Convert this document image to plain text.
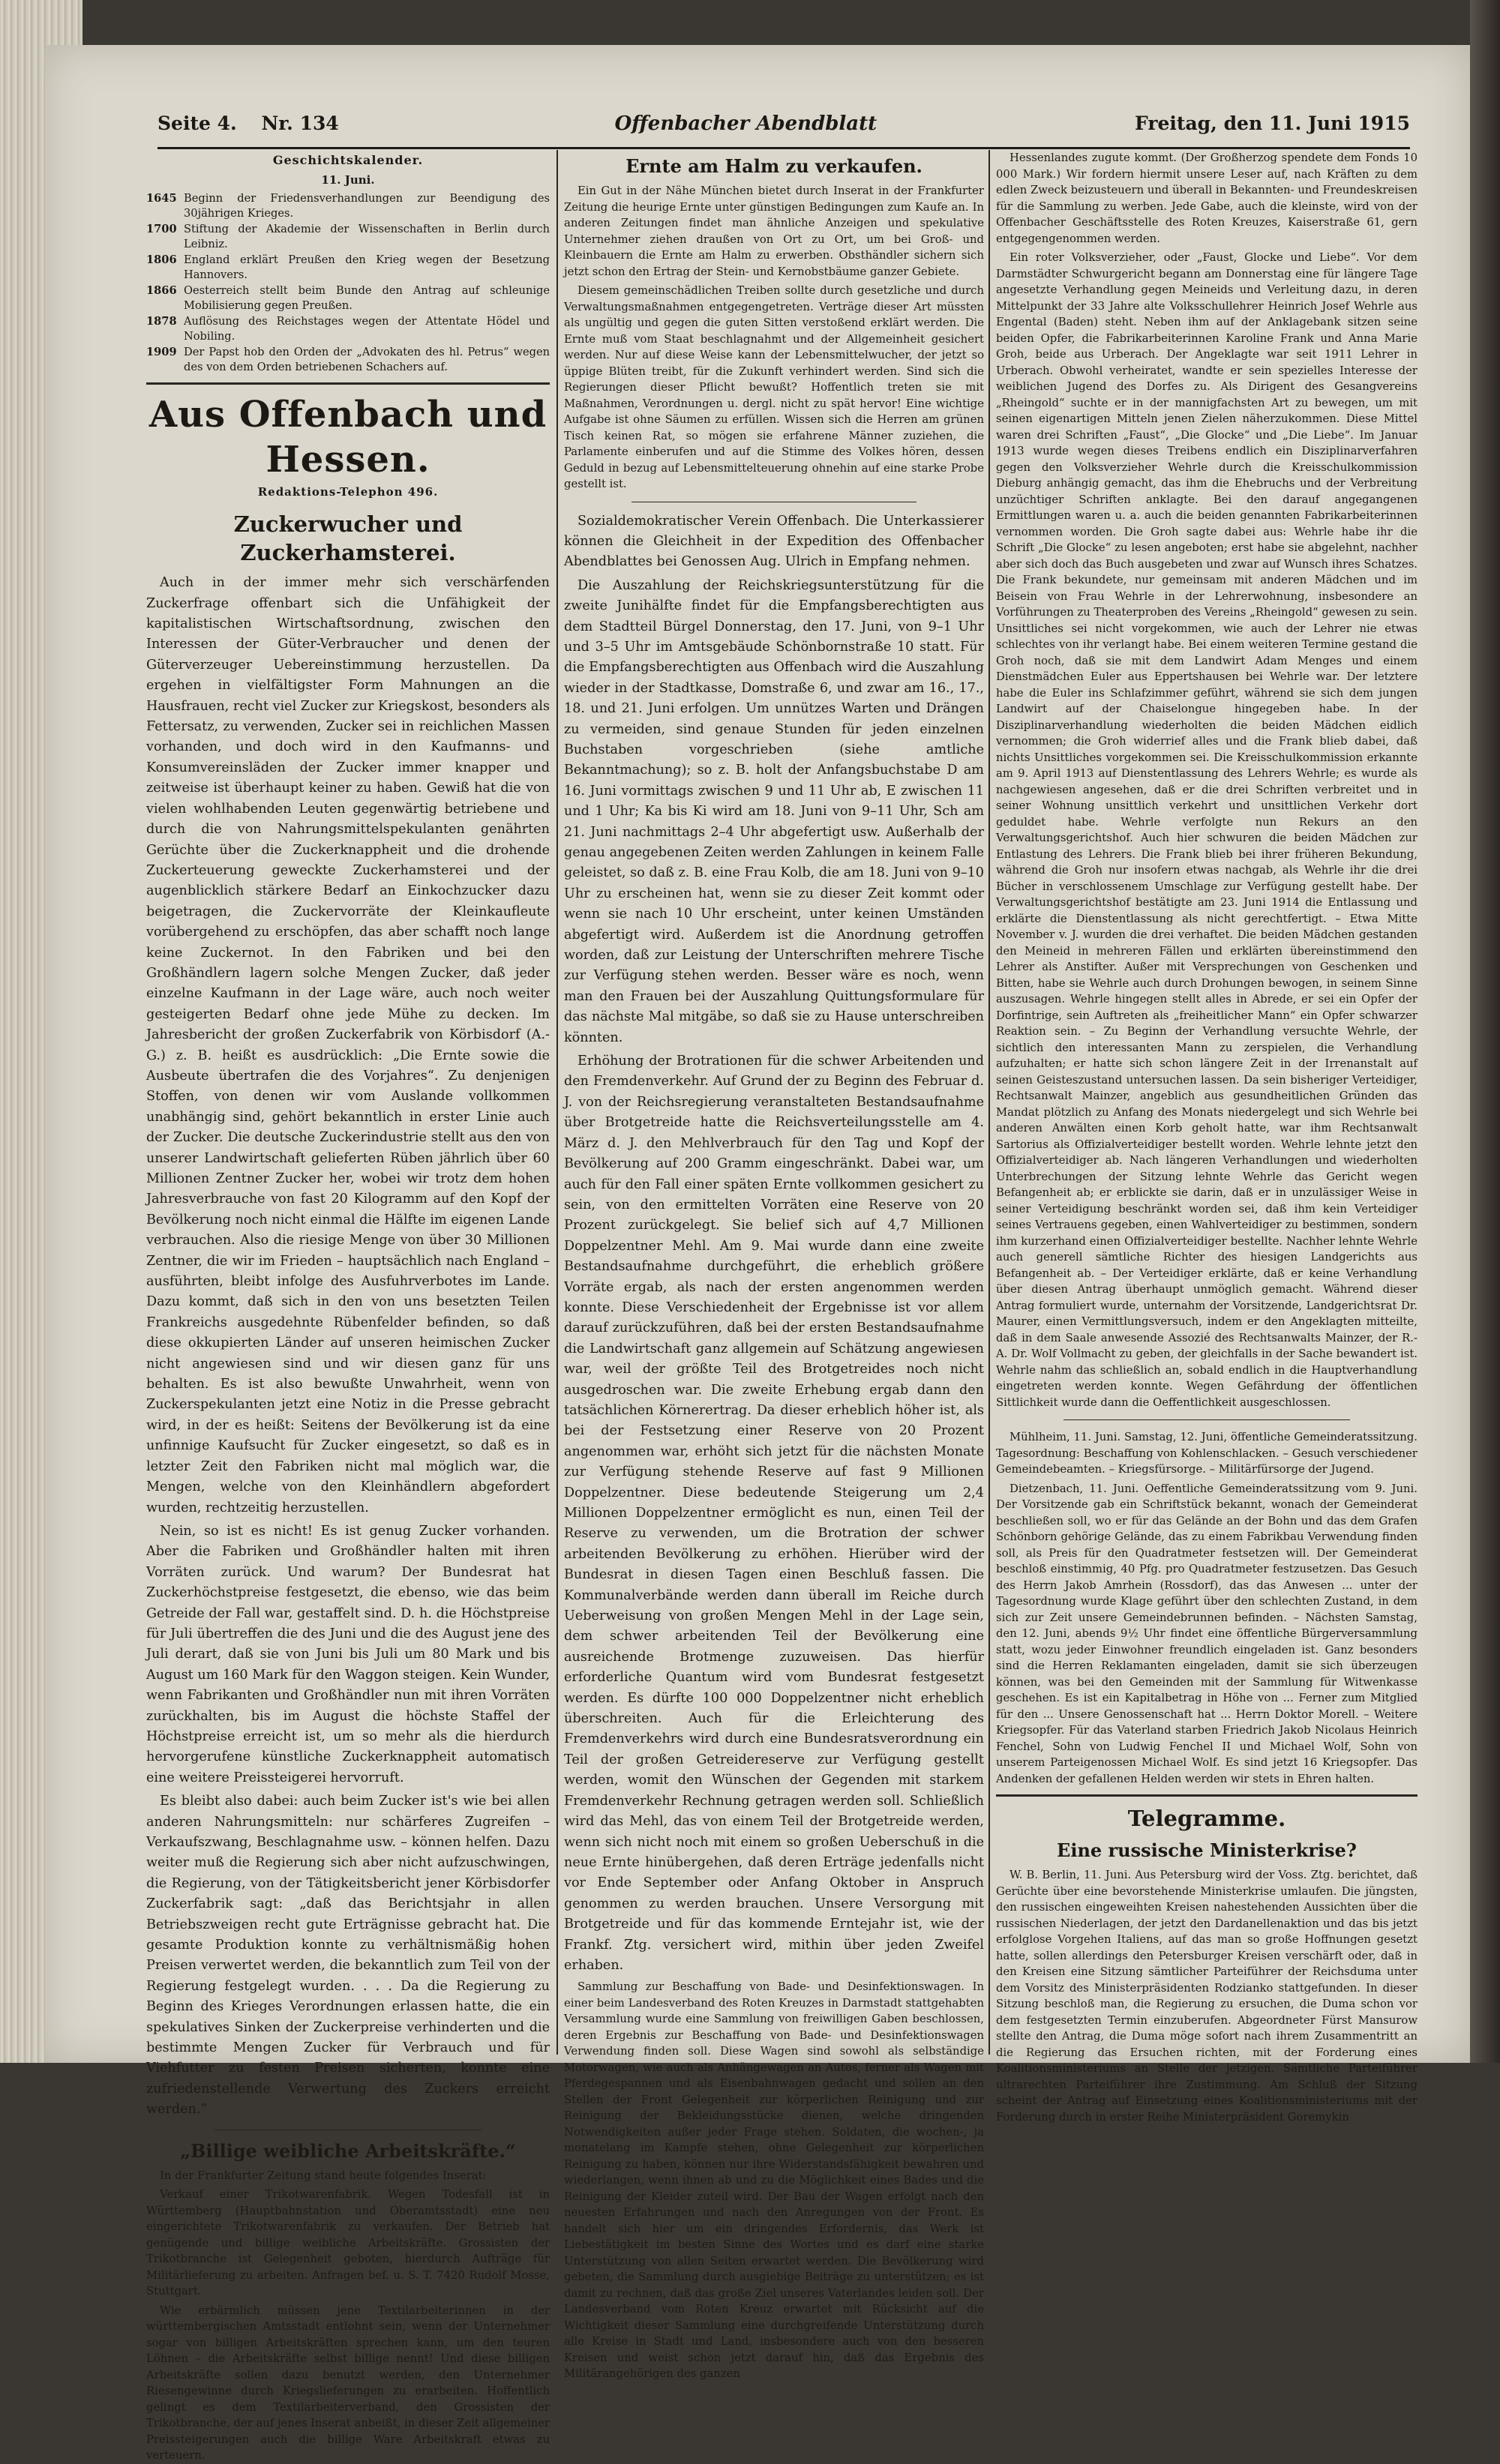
Seite 4. Nr. 134	Offenbacher Abendblatt	Freitag, den 11. Juni 1915
Geschichtskalender.
11. Juni.
1645 Beginn der Friedensverhandlungen zur Beendigung des 30jährigen Krieges.
1700 Stiftung der Akademie der Wissenschaften in Berlin durch Leibniz.
1806 England erklärt Preußen den Krieg wegen der Besetzung Hannovers.
1866 Oesterreich stellt beim Bunde den Antrag auf schleunige Mobilisierung gegen Preußen.
1878 Auflösung des Reichstages wegen der Attentate Hödel und Nobiling.
1909 Der Papst hob den Orden der „Advokaten des hl. Petrus“ wegen des von dem Orden betriebenen Schachers auf.
Aus Offenbach und Hessen.
Redaktions-Telephon 496.
Zuckerwucher und Zuckerhamsterei.

Auch in der immer mehr sich verschärfenden Zuckerfrage offenbart sich die Unfähigkeit der kapitalistischen Wirtschaftsordnung, zwischen den Interessen der Güter-Verbraucher und denen der Güterverzeuger Uebereinstimmung herzustellen. Da ergehen in vielfältigster Form Mahnungen an die Hausfrauen, recht viel Zucker zur Kriegskost, besonders als Fettersatz, zu verwenden, Zucker sei in reichlichen Massen vorhanden, und doch wird in den Kaufmanns- und Konsumvereinsläden der Zucker immer knapper und zeitweise ist überhaupt keiner zu haben. Gewiß hat die von vielen wohlhabenden Leuten gegenwärtig betriebene und durch die von Nahrungsmittelspekulanten genährten Gerüchte über die Zuckerknappheit und die drohende Zuckerteuerung geweckte Zuckerhamsterei und der augenblicklich stärkere Bedarf an Einkochzucker dazu beigetragen, die Zuckervorräte der Kleinkaufleute vorübergehend zu erschöpfen, das aber schafft noch lange keine Zuckernot. In den Fabriken und bei den Großhändlern lagern solche Mengen Zucker, daß jeder einzelne Kaufmann in der Lage wäre, auch noch weiter gesteigerten Bedarf ohne jede Mühe zu decken. Im Jahresbericht der großen Zuckerfabrik von Körbisdorf (A.-G.) z. B. heißt es ausdrücklich: „Die Ernte sowie die Ausbeute übertrafen die des Vorjahres“. Zu denjenigen Stoffen, von denen wir vom Auslande vollkommen unabhängig sind, gehört bekanntlich in erster Linie auch der Zucker. Die deutsche Zuckerindustrie stellt aus den von unserer Landwirtschaft gelieferten Rüben jährlich über 60 Millionen Zentner Zucker her, wobei wir trotz dem hohen Jahresverbrauche von fast 20 Kilogramm auf den Kopf der Bevölkerung noch nicht einmal die Hälfte im eigenen Lande verbrauchen. Also die riesige Menge von über 30 Millionen Zentner, die wir im Frieden – hauptsächlich nach England – ausführten, bleibt infolge des Ausfuhrverbotes im Lande. Dazu kommt, daß sich in den von uns besetzten Teilen Frankreichs ausgedehnte Rübenfelder befinden, so daß diese okkupierten Länder auf unseren heimischen Zucker nicht angewiesen sind und wir diesen ganz für uns behalten. Es ist also bewußte Unwahrheit, wenn von Zuckerspekulanten jetzt eine Notiz in die Presse gebracht wird, in der es heißt: Seitens der Bevölkerung ist da eine unfinnige Kaufsucht für Zucker eingesetzt, so daß es in letzter Zeit den Fabriken nicht mal möglich war, die Mengen, welche von den Kleinhändlern abgefordert wurden, rechtzeitig herzustellen.

Nein, so ist es nicht! Es ist genug Zucker vorhanden. Aber die Fabriken und Großhändler halten mit ihren Vorräten zurück. Und warum? Der Bundesrat hat Zuckerhöchstpreise festgesetzt, die ebenso, wie das beim Getreide der Fall war, gestaffelt sind. D. h. die Höchstpreise für Juli übertreffen die des Juni und die des August jene des Juli derart, daß sie von Juni bis Juli um 80 Mark und bis August um 160 Mark für den Waggon steigen. Kein Wunder, wenn Fabrikanten und Großhändler nun mit ihren Vorräten zurückhalten, bis im August die höchste Staffel der Höchstpreise erreicht ist, um so mehr als die hierdurch hervorgerufene künstliche Zuckerknappheit automatisch eine weitere Preissteigerei hervorruft.

Es bleibt also dabei: auch beim Zucker ist's wie bei allen anderen Nahrungsmitteln: nur schärferes Zugreifen – Verkaufszwang, Beschlagnahme usw. – können helfen. Dazu weiter muß die Regierung sich aber nicht aufzuschwingen, die Regierung, von der Tätigkeitsbericht jener Körbisdorfer Zuckerfabrik sagt: „daß das Berichtsjahr in allen Betriebszweigen recht gute Erträgnisse gebracht hat. Die gesamte Produktion konnte zu verhältnismäßig hohen Preisen verwertet werden, die bekanntlich zum Teil von der Regierung festgelegt wurden. . . . Da die Regierung zu Beginn des Krieges Verordnungen erlassen hatte, die ein spekulatives Sinken der Zuckerpreise verhinderten und die bestimmte Mengen Zucker für Verbrauch und für Viehfutter zu festen Preisen sicherten, konnte eine zufriedenstellende Verwertung des Zuckers erreicht werden.“

„Billige weibliche Arbeitskräfte.“

In der Frankfurter Zeitung stand heute folgendes Inserat:

Verkauf einer Trikotwarenfabrik. Wegen Todesfall ist in Württemberg (Hauptbahnstation und Oberamtsstadt) eine neu eingerichtete Trikotwarenfabrik zu verkaufen. Der Betrieb hat genügende und billige weibliche Arbeitskräfte. Grossisten der Trikotbranche ist Gelegenheit geboten, hierdurch Aufträge für Militärlieferung zu arbeiten. Anfragen bef. u. S. T. 7420 Rudolf Mosse, Stuttgart.

Wie erbärmlich müssen jene Textilarbeiterinnen in der württembergischen Amtsstadt entlohnt sein, wenn der Unternehmer sogar von billigen Arbeitskräften sprechen kann, um den teuren Löhnen – die Arbeitskräfte selbst billige nennt! Und diese billigen Arbeitskräfte sollen dazu benutzt werden, den Unternehmer Riesengewinne durch Kriegslieferungen zu erarbeiten. Hoffentlich gelingt es dem Textilarbeiterverband, den Grossisten der Trikotbranche, der auf jenes Inserat anbeißt, in dieser Zeit allgemeiner Preissteigerungen auch die billige Ware Arbeitskraft etwas zu verteuern.

Ernte am Halm zu verkaufen.

Ein Gut in der Nähe München bietet durch Inserat in der Frankfurter Zeitung die heurige Ernte unter günstigen Bedingungen zum Kaufe an. In anderen Zeitungen findet man ähnliche Anzeigen und spekulative Unternehmer ziehen draußen von Ort zu Ort, um bei Groß- und Kleinbauern die Ernte am Halm zu erwerben. Obsthändler sichern sich jetzt schon den Ertrag der Stein- und Kernobstbäume ganzer Gebiete.

Diesem gemeinschädlichen Treiben sollte durch gesetzliche und durch Verwaltungsmaßnahmen entgegengetreten. Verträge dieser Art müssten als ungültig und gegen die guten Sitten verstoßend erklärt werden. Die Ernte muß vom Staat beschlagnahmt und der Allgemeinheit gesichert werden. Nur auf diese Weise kann der Lebensmittelwucher, der jetzt so üppige Blüten treibt, für die Zukunft verhindert werden. Sind sich die Regierungen dieser Pflicht bewußt? Hoffentlich treten sie mit Maßnahmen, Verordnungen u. dergl. nicht zu spät hervor! Eine wichtige Aufgabe ist ohne Säumen zu erfüllen. Wissen sich die Herren am grünen Tisch keinen Rat, so mögen sie erfahrene Männer zuziehen, die Parlamente einberufen und auf die Stimme des Volkes hören, dessen Geduld in bezug auf Lebensmittelteuerung ohnehin auf eine starke Probe gestellt ist.

Sozialdemokratischer Verein Offenbach. Die Unterkassierer können die Gleichheit in der Expedition des Offenbacher Abendblattes bei Genossen Aug. Ulrich in Empfang nehmen.

Die Auszahlung der Reichskriegsunterstützung für die zweite Junihälfte findet für die Empfangsberechtigten aus dem Stadtteil Bürgel Donnerstag, den 17. Juni, von 9–1 Uhr und 3–5 Uhr im Amtsgebäude Schönbornstraße 10 statt. Für die Empfangsberechtigten aus Offenbach wird die Auszahlung wieder in der Stadtkasse, Domstraße 6, und zwar am 16., 17., 18. und 21. Juni erfolgen. Um unnützes Warten und Drängen zu vermeiden, sind genaue Stunden für jeden einzelnen Buchstaben vorgeschrieben (siehe amtliche Bekanntmachung); so z. B. holt der Anfangsbuchstabe D am 16. Juni vormittags zwischen 9 und 11 Uhr ab, E zwischen 11 und 1 Uhr; Ka bis Ki wird am 18. Juni von 9–11 Uhr, Sch am 21. Juni nachmittags 2–4 Uhr abgefertigt usw. Außerhalb der genau angegebenen Zeiten werden Zahlungen in keinem Falle geleistet, so daß z. B. eine Frau Kolb, die am 18. Juni von 9–10 Uhr zu erscheinen hat, wenn sie zu dieser Zeit kommt oder wenn sie nach 10 Uhr erscheint, unter keinen Umständen abgefertigt wird. Außerdem ist die Anordnung getroffen worden, daß zur Leistung der Unterschriften mehrere Tische zur Verfügung stehen werden. Besser wäre es noch, wenn man den Frauen bei der Auszahlung Quittungsformulare für das nächste Mal mitgäbe, so daß sie zu Hause unterschreiben könnten.

Erhöhung der Brotrationen für die schwer Arbeitenden und den Fremdenverkehr. Auf Grund der zu Beginn des Februar d. J. von der Reichsregierung veranstalteten Bestandsaufnahme über Brotgetreide hatte die Reichsverteilungsstelle am 4. März d. J. den Mehlverbrauch für den Tag und Kopf der Bevölkerung auf 200 Gramm eingeschränkt. Dabei war, um auch für den Fall einer späten Ernte vollkommen gesichert zu sein, von den ermittelten Vorräten eine Reserve von 20 Prozent zurückgelegt. Sie belief sich auf 4,7 Millionen Doppelzentner Mehl. Am 9. Mai wurde dann eine zweite Bestandsaufnahme durchgeführt, die erheblich größere Vorräte ergab, als nach der ersten angenommen werden konnte. Diese Verschiedenheit der Ergebnisse ist vor allem darauf zurückzuführen, daß bei der ersten Bestandsaufnahme die Landwirtschaft ganz allgemein auf Schätzung angewiesen war, weil der größte Teil des Brotgetreides noch nicht ausgedroschen war. Die zweite Erhebung ergab dann den tatsächlichen Körnerertrag. Da dieser erheblich höher ist, als bei der Festsetzung einer Reserve von 20 Prozent angenommen war, erhöht sich jetzt für die nächsten Monate zur Verfügung stehende Reserve auf fast 9 Millionen Doppelzentner. Diese bedeutende Steigerung um 2,4 Millionen Doppelzentner ermöglicht es nun, einen Teil der Reserve zu verwenden, um die Brotration der schwer arbeitenden Bevölkerung zu erhöhen. Hierüber wird der Bundesrat in diesen Tagen einen Beschluß fassen. Die Kommunalverbände werden dann überall im Reiche durch Ueberweisung von großen Mengen Mehl in der Lage sein, dem schwer arbeitenden Teil der Bevölkerung eine ausreichende Brotmenge zuzuweisen. Das hierfür erforderliche Quantum wird vom Bundesrat festgesetzt werden. Es dürfte 100 000 Doppelzentner nicht erheblich überschreiten. Auch für die Erleichterung des Fremdenverkehrs wird durch eine Bundesratsverordnung ein Teil der großen Getreidereserve zur Verfügung gestellt werden, womit den Wünschen der Gegenden mit starkem Fremdenverkehr Rechnung getragen werden soll. Schließlich wird das Mehl, das von einem Teil der Brotgetreide werden, wenn sich nicht noch mit einem so großen Ueberschuß in die neue Ernte hinübergehen, daß deren Erträge jedenfalls nicht vor Ende September oder Anfang Oktober in Anspruch genommen zu werden brauchen. Unsere Versorgung mit Brotgetreide und für das kommende Erntejahr ist, wie der Frankf. Ztg. versichert wird, mithin über jeden Zweifel erhaben.

Sammlung zur Beschaffung von Bade- und Desinfektionswagen. In einer beim Landesverband des Roten Kreuzes in Darmstadt stattgehabten Versammlung wurde eine Sammlung von freiwilligen Gaben beschlossen, deren Ergebnis zur Beschaffung von Bade- und Desinfektionswagen Verwendung finden soll. Diese Wagen sind sowohl als selbständige Motorwagen, wie auch als Anhängewagen an Autos, ferner als Wagen mit Pferdegespannen und als Eisenbahnwagen gedacht und sollen an den Stellen der Front Gelegenheit zur körperlichen Reinigung und zur Reinigung der Bekleidungsstücke dienen, welche dringenden Notwendigkeiten außer jeder Frage stehen. Soldaten, die wochen-, ja monatelang im Kampfe stehen, ohne Gelegenheit zur körperlichen Reinigung zu haben, können nur ihre Widerstandsfähigkeit bewahren und wiederlangen, wenn ihnen ab und zu die Möglichkeit eines Bades und die Reinigung der Kleider zuteil wird. Der Bau der Wagen erfolgt nach den neuesten Erfahrungen und nach den Anregungen von der Front. Es handelt sich hier um ein dringendes Erfordernis, das Werk ist Liebestätigkeit im besten Sinne des Wortes und es darf eine starke Unterstützung von allen Seiten erwartet werden. Die Bevölkerung wird gebeten, die Sammlung durch ausgiebige Beiträge zu unterstützen; es ist damit zu rechnen, daß das große Ziel unseres Vaterlandes leiden soll. Der Landesverband vom Roten Kreuz erwartet mit Rücksicht auf die Wichtigkeit dieser Sammlung eine durchgreifende Unterstützung durch alle Kreise in Stadt und Land, insbesondere auch von den besseren Kreisen und weist schon jetzt darauf hin, daß das Ergebnis des Militärangehörigen des ganzen

Hessenlandes zugute kommt. (Der Großherzog spendete dem Fonds 10 000 Mark.) Wir fordern hiermit unsere Leser auf, nach Kräften zu dem edlen Zweck beizusteuern und überall in Bekannten- und Freundeskreisen für die Sammlung zu werben. Jede Gabe, auch die kleinste, wird von der Offenbacher Geschäftsstelle des Roten Kreuzes, Kaiserstraße 61, gern entgegengenommen werden.

Ein roter Volksverzieher, oder „Faust, Glocke und Liebe“. Vor dem Darmstädter Schwurgericht begann am Donnerstag eine für längere Tage angesetzte Verhandlung gegen Meineids und Verleitung dazu, in deren Mittelpunkt der 33 Jahre alte Volksschullehrer Heinrich Josef Wehrle aus Engental (Baden) steht. Neben ihm auf der Anklagebank sitzen seine beiden Opfer, die Fabrikarbeiterinnen Karoline Frank und Anna Marie Groh, beide aus Urberach. Der Angeklagte war seit 1911 Lehrer in Urberach. Obwohl verheiratet, wandte er sein spezielles Interesse der weiblichen Jugend des Dorfes zu. Als Dirigent des Gesangvereins „Rheingold“ suchte er in der mannigfachsten Art zu bewegen, um mit seinen eigenartigen Mitteln jenen Zielen näherzukommen. Diese Mittel waren drei Schriften „Faust“, „Die Glocke“ und „Die Liebe“. Im Januar 1913 wurde wegen dieses Treibens endlich ein Disziplinarverfahren gegen den Volksverzieher Wehrle durch die Kreisschulkommission Dieburg anhängig gemacht, das ihm die Ehebruchs und der Verbreitung unzüchtiger Schriften anklagte. Bei den darauf angegangenen Ermittlungen waren u. a. auch die beiden genannten Fabrikarbeiterinnen vernommen worden. Die Groh sagte dabei aus: Wehrle habe ihr die Schrift „Die Glocke“ zu lesen angeboten; erst habe sie abgelehnt, nachher aber sich doch das Buch ausgebeten und zwar auf Wunsch ihres Schatzes. Die Frank bekundete, nur gemeinsam mit anderen Mädchen und im Beisein von Frau Wehrle in der Lehrerwohnung, insbesondere an Vorführungen zu Theaterproben des Vereins „Rheingold“ gewesen zu sein. Unsittliches sei nicht vorgekommen, wie auch der Lehrer nie etwas schlechtes von ihr verlangt habe. Bei einem weiteren Termine gestand die Groh noch, daß sie mit dem Landwirt Adam Menges und einem Dienstmädchen Euler aus Eppertshausen bei Wehrle war. Der letztere habe die Euler ins Schlafzimmer geführt, während sie sich dem jungen Landwirt auf der Chaiselongue hingegeben habe. In der Disziplinarverhandlung wiederholten die beiden Mädchen eidlich vernommen; die Groh widerrief alles und die Frank blieb dabei, daß nichts Unsittliches vorgekommen sei. Die Kreisschulkommission erkannte am 9. April 1913 auf Dienstentlassung des Lehrers Wehrle; es wurde als nachgewiesen angesehen, daß er die drei Schriften verbreitet und in seiner Wohnung unsittlich verkehrt und unsittlichen Verkehr dort geduldet habe. Wehrle verfolgte nun Rekurs an den Verwaltungsgerichtshof. Auch hier schwuren die beiden Mädchen zur Entlastung des Lehrers. Die Frank blieb bei ihrer früheren Bekundung, während die Groh nur insofern etwas nachgab, als Wehrle ihr die drei Bücher in verschlossenem Umschlage zur Verfügung gestellt habe. Der Verwaltungsgerichtshof bestätigte am 23. Juni 1914 die Entlassung und erklärte die Dienstentlassung als nicht gerechtfertigt. – Etwa Mitte November v. J. wurden die drei verhaftet. Die beiden Mädchen gestanden den Meineid in mehreren Fällen und erklärten übereinstimmend den Lehrer als Anstifter. Außer mit Versprechungen von Geschenken und Bitten, habe sie Wehrle auch durch Drohungen bewogen, in seinem Sinne auszusagen. Wehrle hingegen stellt alles in Abrede, er sei ein Opfer der Dorfintrige, sein Auftreten als „freiheitlicher Mann“ ein Opfer schwarzer Reaktion sein. – Zu Beginn der Verhandlung versuchte Wehrle, der sichtlich den interessanten Mann zu zerspielen, die Verhandlung aufzuhalten; er hatte sich schon längere Zeit in der Irrenanstalt auf seinen Geisteszustand untersuchen lassen. Da sein bisheriger Verteidiger, Rechtsanwalt Mainzer, angeblich aus gesundheitlichen Gründen das Mandat plötzlich zu Anfang des Monats niedergelegt und sich Wehrle bei anderen Anwälten einen Korb geholt hatte, war ihm Rechtsanwalt Sartorius als Offizialverteidiger bestellt worden. Wehrle lehnte jetzt den Offizialverteidiger ab. Nach längeren Verhandlungen und wiederholten Unterbrechungen der Sitzung lehnte Wehrle das Gericht wegen Befangenheit ab; er erblickte sie darin, daß er in unzulässiger Weise in seiner Verteidigung beschränkt worden sei, daß ihm kein Verteidiger seines Vertrauens gegeben, einen Wahlverteidiger zu bestimmen, sondern ihm kurzerhand einen Offizialverteidiger bestellte. Nachher lehnte Wehrle auch generell sämtliche Richter des hiesigen Landgerichts aus Befangenheit ab. – Der Verteidiger erklärte, daß er keine Verhandlung über diesen Antrag überhaupt unmöglich gemacht. Während dieser Antrag formuliert wurde, unternahm der Vorsitzende, Landgerichtsrat Dr. Maurer, einen Vermittlungsversuch, indem er den Angeklagten mitteilte, daß in dem Saale anwesende Assozié des Rechtsanwalts Mainzer, der R.-A. Dr. Wolf Vollmacht zu geben, der gleichfalls in der Sache bewandert ist. Wehrle nahm das schließlich an, sobald endlich in die Hauptverhandlung eingetreten werden konnte. Wegen Gefährdung der öffentlichen Sittlichkeit wurde dann die Oeffentlichkeit ausgeschlossen.

Mühlheim, 11. Juni. Samstag, 12. Juni, öffentliche Gemeinderatssitzung. Tagesordnung: Beschaffung von Kohlenschlacken. – Gesuch verschiedener Gemeindebeamten. – Kriegsfürsorge. – Militärfürsorge der Jugend.

Dietzenbach, 11. Juni. Oeffentliche Gemeinderatssitzung vom 9. Juni. Der Vorsitzende gab ein Schriftstück bekannt, wonach der Gemeinderat beschließen soll, wo er für das Gelände an der Bohn und das dem Grafen Schönborn gehörige Gelände, das zu einem Fabrikbau Verwendung finden soll, als Preis für den Quadratmeter festsetzen will. Der Gemeinderat beschloß einstimmig, 40 Pfg. pro Quadratmeter festzusetzen. Das Gesuch des Herrn Jakob Amrhein (Rossdorf), das das Anwesen ... unter der Tagesordnung wurde Klage geführt über den schlechten Zustand, in dem sich zur Zeit unsere Gemeindebrunnen befinden. – Nächsten Samstag, den 12. Juni, abends 9½ Uhr findet eine öffentliche Bürgerversammlung statt, wozu jeder Einwohner freundlich eingeladen ist. Ganz besonders sind die Herren Reklamanten eingeladen, damit sie sich überzeugen können, was bei den Gemeinden mit der Sammlung für Witwenkasse geschehen. Es ist ein Kapitalbetrag in Höhe von ... Ferner zum Mitglied für den ... Unsere Genossenschaft hat ... Herrn Doktor Morell. – Weitere Kriegsopfer. Für das Vaterland starben Friedrich Jakob Nicolaus Heinrich Fenchel, Sohn von Ludwig Fenchel II und Michael Wolf, Sohn von unserem Parteigenossen Michael Wolf. Es sind jetzt 16 Kriegsopfer. Das Andenken der gefallenen Helden werden wir stets in Ehren halten.

Telegramme.
Eine russische Ministerkrise?

W. B. Berlin, 11. Juni. Aus Petersburg wird der Voss. Ztg. berichtet, daß Gerüchte über eine bevorstehende Ministerkrise umlaufen. Die jüngsten, den russischen eingeweihten Kreisen nahestehenden Aussichten über die russischen Niederlagen, der jetzt den Dardanellenaktion und das bis jetzt erfolglose Vorgehen Italiens, auf das man so große Hoffnungen gesetzt hatte, sollen allerdings den Petersburger Kreisen verschärft oder, daß in den Kreisen eine Sitzung sämtlicher Parteiführer der Reichsduma unter dem Vorsitz des Ministerpräsidenten Rodzianko stattgefunden. In dieser Sitzung beschloß man, die Regierung zu ersuchen, die Duma schon vor dem festgesetzten Termin einzuberufen. Abgeordneter Fürst Mansurow stellte den Antrag, die Duma möge sofort nach ihrem Zusammentritt an die Regierung das Ersuchen richten, mit der Forderung eines Koalitionsministeriums an Stelle der jetzigen. Sämtliche Parteiführer ultrarechten Parteiführer ihre Zustimmung. Am Schluß der Sitzung scheint der Antrag auf Einsetzung eines Koalitionsministeriums mit der Forderung durch in erster Reihe Ministerpräsident Goremykin
